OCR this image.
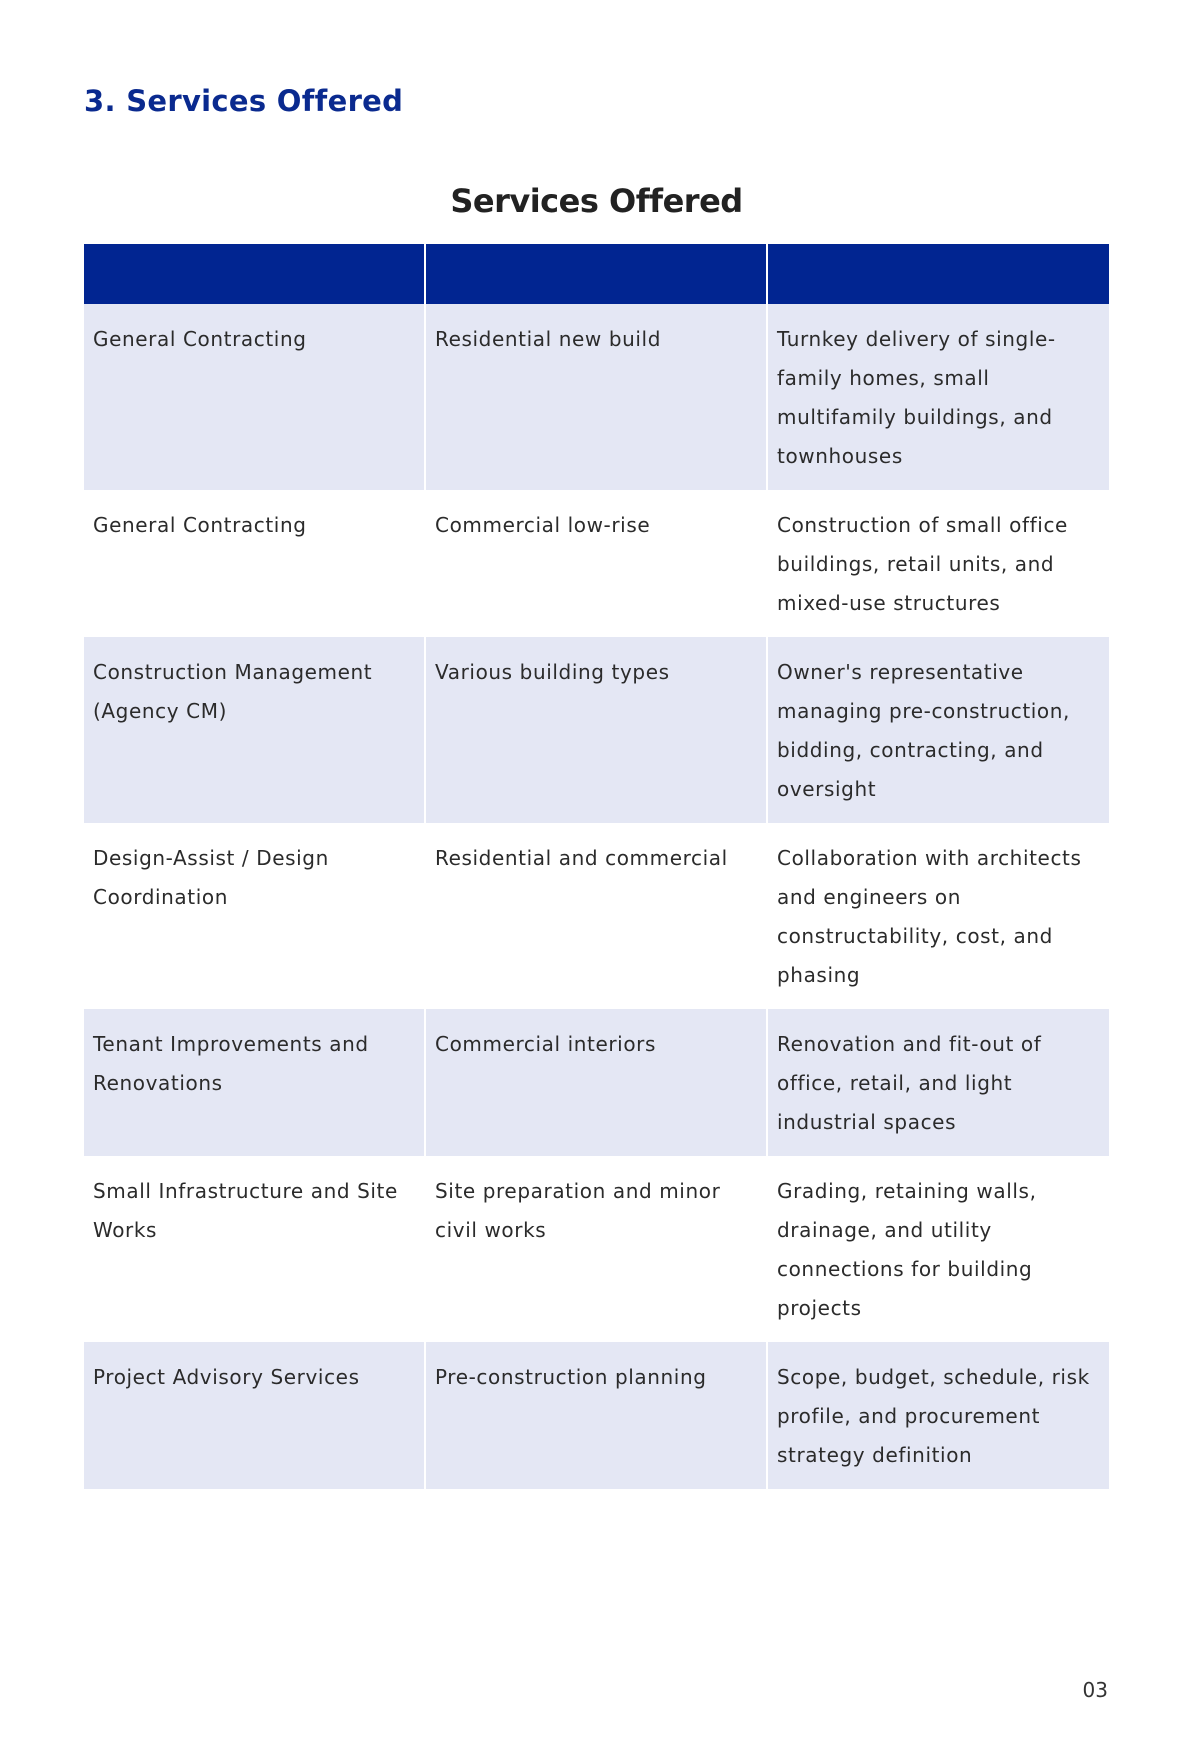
3. Services Offered
Services Offered

General Contracting	Residential new build	Turnkey delivery of single-family homes, small multifamily buildings, and townhouses
General Contracting	Commercial low-rise	Construction of small office buildings, retail units, and mixed-use structures
Construction Management (Agency CM)	Various building types	Owner's representative managing pre-construction, bidding, contracting, and oversight
Design-Assist / Design Coordination	Residential and commercial	Collaboration with architects and engineers on constructability, cost, and phasing
Tenant Improvements and Renovations	Commercial interiors	Renovation and fit-out of office, retail, and light industrial spaces
Small Infrastructure and Site Works	Site preparation and minor civil works	Grading, retaining walls, drainage, and utility connections for building projects
Project Advisory Services	Pre-construction planning	Scope, budget, schedule, risk profile, and procurement strategy definition
03
